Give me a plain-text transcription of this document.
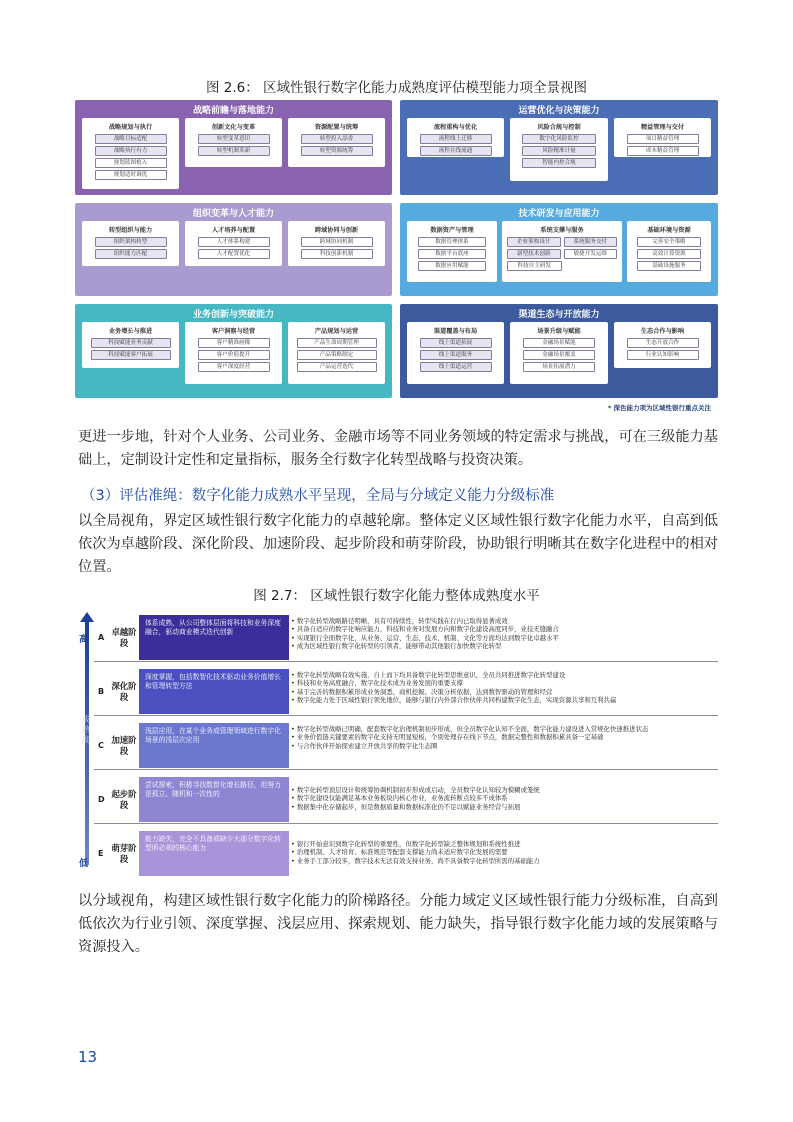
图 2.6： 区域性银行数字化能力成熟度评估模型能力项全景视图
战略前瞻与落地能力
战略规划与执行
战略目标适配
战略执行有力
规划蓝图植入
规划适时调优
创新文化与变革
转型变革意识
转型机制革新
资源配置与统筹
转型投入添香
转型资源统筹
运营优化与决策能力
流程重构与优化
流程线上迁移
流程在线流通
风险合规与控制
数字化风险监控
风险精准计量
智能内控合规
精益管理与交付
项目精益管理
成本精益管理
组织变革与人才能力
转型组织与能力
组织架构转型
组织能力匹配
人才培养与配置
人才体系构建
人才配置优化
跨域协同与创新
跨域协同机制
科技创新机制
技术研发与应用能力
数据资产与管理
数据管理体系
数据平台底座
数据应用赋能
系统支撑与服务
企业架构设计	系统服务交付
新型技术创新	敏捷开发运维
科技自主研发
基础环境与资源
完善安全策略
高效计算资源
基础设施服务
业务创新与突破能力
业务增长与推进
科技赋能业务贡献
科技赋能客户拓展
客户洞察与经营
客户精准画像
客户价值提升
客户深度经营
产品规划与运营
产品生命周期管理
产品策略制定
产品运营迭代
渠道生态与开放能力
渠道覆盖与布局
线上渠道拓展
线上渠道服务
线上渠道运营
场景升级与赋能
金融场景赋能
金融场景覆盖
场景拓展潜力
生态合作与影响
生态开放合作
行业认知影响
* 深色能力项为区域性银行重点关注

更进一步地，针对个人业务、公司业务、金融市场等不同业务领域的特定需求与挑战，可在三级能力基础上，定制设计定性和定量指标，服务全行数字化转型战略与投资决策。

（3）评估准绳：数字化能力成熟水平呈现，全局与分域定义能力分级标准

以全局视角，界定区域性银行数字化能力的卓越轮廓。整体定义区域性银行数字化能力水平，自高到低依次为卓越阶段、深化阶段、加速阶段、起步阶段和萌芽阶段，协助银行明晰其在数字化进程中的相对位置。

图 2.7： 区域性银行数字化能力整体成熟度水平
高
成熟度
低
A
卓越阶段
体系成熟，从公司整体层面将科技和业务深度融合，驱动商业模式迭代创新
• 数字化转型战略路径明晰，具有可持续性，转型实践在行内已取得显著成效
• 具备自适应的数字化响应能力，科技和业务对发展方向和数字化建设高度同步，业技无缝融合
• 实现银行全面数字化，从业务、运营、生态、技术、机制、文化等方面均达到数字化卓越水平
• 成为区域性银行数字化转型的引领者，能够带动其他银行加快数字化转型
B
深化阶段
深度掌握，包括数智化技术驱动业务价值增长和管理转型方法
• 数字化转型战略有效实施，自上而下均具备数字化转型思维意识，全员共同推进数字化转型建设
• 科技和业务高度融合，数字化技术成为业务发展的重要支撑
• 基于完善的数据积累形成业务洞悉、商机挖掘、决策分析依据，达到数智驱动的管理和经营
• 数字化能力处于区域性银行领先地位，能够与银行内外部合作伙伴共同构建数字化生态，实现资源共享和互利共赢
C
加速阶段
浅层应用，在某个业务或管理领域进行数字化场景的浅层次应用
• 数字化转型战略已明确，配套数字化治理机制初步形成，但全员数字化认知不全面，数字化能力建设进入常规化快速推进状态
• 业务价值链关键要素的数字化支持无明显短板，个别处理存在线下节点，数据完整性和数据积累具备一定基础
• 与合作伙伴开始探索建立开放共享的数字化生态圈
D
起步阶段
尝试探索，积极寻找数智化增长路径，但努力是孤立、随机和一次性的	• 数字化转型顶层设计和统筹协调机制初步形成或启动，全员数字化认知较为模糊或笼统
• 数字化建设仅能满足基本业务板块内核心作业，业务流转断点较多不成体系
• 数据集中化存储起步，但是数据质量和数据标准化仍不足以赋能业务经营与拓展
E
萌芽阶段
能力缺失，完全不具备或缺少大部分数字化转型所必须的核心能力	• 银行开始意识到数字化转型的重要性，但数字化转型缺乏整体规划和系统性推进
• 治理机制、人才培育、标准规范等配套支撑能力尚未适应数字化发展的需要
• 业务手工部分较多，数字技术无法有效支持业务，尚不具备数字化转型所需的基础能力

以分域视角，构建区域性银行数字化能力的阶梯路径。分能力域定义区域性银行能力分级标准，自高到低依次为行业引领、深度掌握、浅层应用、探索规划、能力缺失，指导银行数字化能力域的发展策略与资源投入。

13
